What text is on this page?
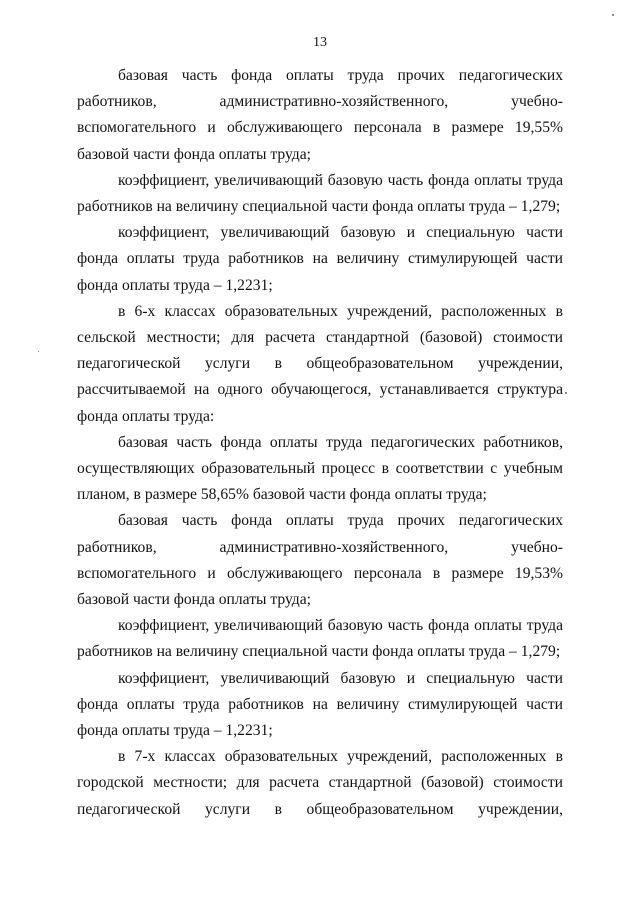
13

базовая часть фонда оплаты труда прочих педагогических работников, административно-хозяйственного, учебно-вспомогательного и обслуживающего персонала в размере 19,55% базовой части фонда оплаты труда;

коэффициент, увеличивающий базовую часть фонда оплаты труда работников на величину специальной части фонда оплаты труда – 1,279;

коэффициент, увеличивающий базовую и специальную части фонда оплаты труда работников на величину стимулирующей части фонда оплаты труда – 1,2231;

в 6-х классах образовательных учреждений, расположенных в сельской местности; для расчета стандартной (базовой) стоимости педагогической услуги в общеобразовательном учреждении, рассчитываемой на одного обучающегося, устанавливается структура фонда оплаты труда:

базовая часть фонда оплаты труда педагогических работников, осуществляющих образовательный процесс в соответствии с учебным планом, в размере 58,65% базовой части фонда оплаты труда;

базовая часть фонда оплаты труда прочих педагогических работников, административно-хозяйственного, учебно-вспомогательного и обслуживающего персонала в размере 19,53% базовой части фонда оплаты труда;

коэффициент, увеличивающий базовую часть фонда оплаты труда работников на величину специальной части фонда оплаты труда – 1,279;

коэффициент, увеличивающий базовую и специальную части фонда оплаты труда работников на величину стимулирующей части фонда оплаты труда – 1,2231;

в 7-х классах образовательных учреждений, расположенных в городской местности; для расчета стандартной (базовой) стоимости педагогической услуги в общеобразовательном учреждении,
